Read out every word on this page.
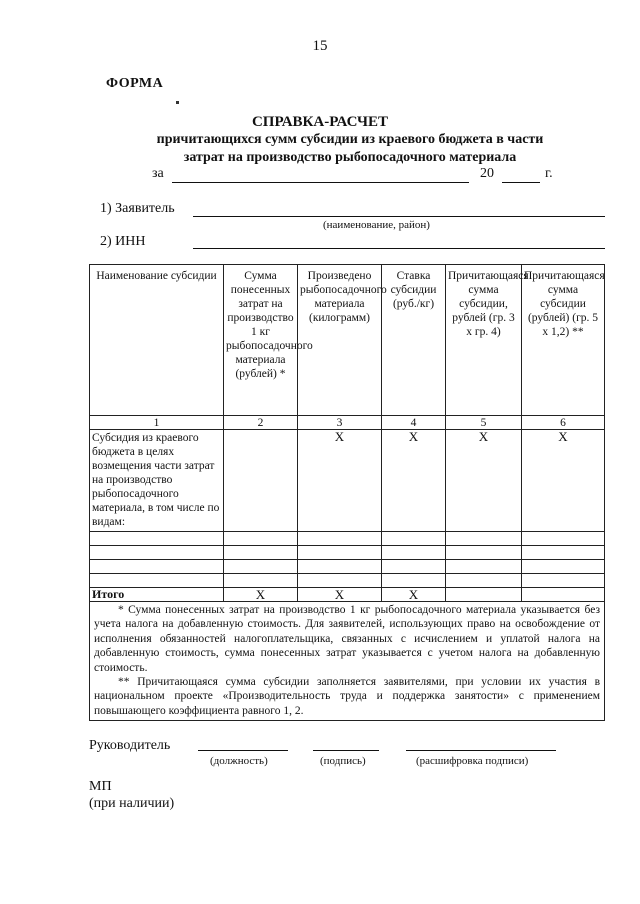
15
ФОРМА
СПРАВКА-РАСЧЕТ
причитающихся сумм субсидии из краевого бюджета в части
затрат на производство рыбопосадочного материала
за	20	г.
1) Заявитель
(наименование, район)
2) ИНН
Наименование субсидии	Сумма понесенных затрат на производство 1 кг рыбопосадочного материала (рублей) *	Произведено рыбопосадочного материала (килограмм)	Ставка субсидии (руб./кг)	Причитающаяся сумма субсидии, рублей (гр. 3 х гр. 4)	Причитающаяся сумма субсидии (рублей) (гр. 5 х 1,2) **
1	2	3	4	5	6
Субсидия из краевого бюджета в целях возмещения части затрат на производство рыбопосадочного материала, в том числе по видам:		X	X	X	X

Итого	X	X	X		

* Сумма понесенных затрат на производство 1 кг рыбопосадочного материала указывается без учета налога на добавленную стоимость. Для заявителей, использующих право на освобождение от исполнения обязанностей налогоплательщика, связанных с исчислением и уплатой налога на добавленную стоимость, сумма понесенных затрат указывается с учетом налога на добавленную стоимость.

** Причитающаяся сумма субсидии заполняется заявителями, при условии их участия в национальном проекте «Производительность труда и поддержка занятости» с применением повышающего коэффициента равного 1, 2.					

Руководитель
(должность)	(подпись)	(расшифровка подписи)
МП
(при наличии)
